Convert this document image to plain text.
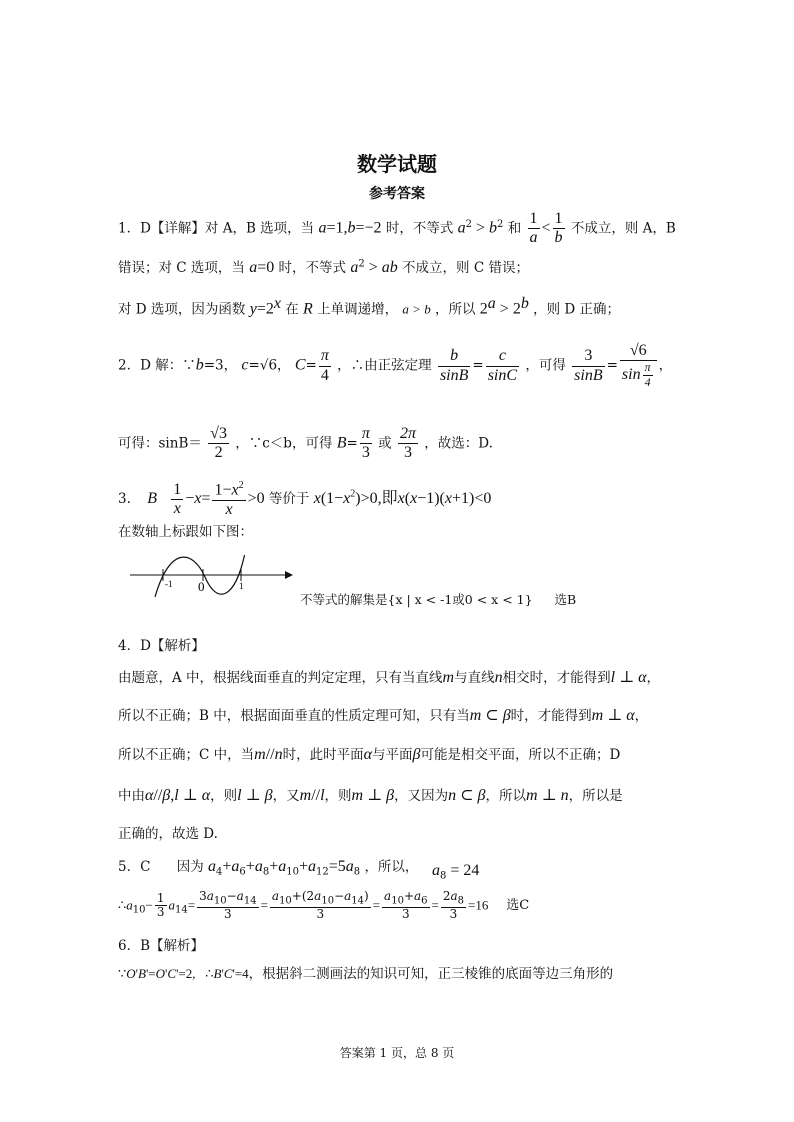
数学试题
参考答案
1．D【详解】对 A，B 选项，当 a=1,b=−2 时，不等式 $a^2 > b^2$ 和 $\frac{1}{a} < \frac{1}{b}$ 不成立，则 A，B
错误；对 C 选项，当 a=0 时，不等式 $a^2$ > ab 不成立，则 C 错误；
对 D 选项，因为函数 $y=2^x$ 在 R 上单调递增， a > b ，所以 $2^a > 2^b$ ，则 D 正确；
2．D 解：∵b=3， c=√6， $C= \frac{\pi}{4}$ ，∴由正弦定理 $\frac{b}{\sin B} = \frac{c}{\sin C}$ ，可得 $\frac{3}{\sin B} = \frac{√6}{\sin \frac{\pi}{4}}$ ，
可得：$\sin B= \frac{√3}{2}$ ，∵c＜b，可得 $B= \frac{\pi}{3}$ 或 $\frac{2\pi}{3}$ ，故选：D.
3. B $\frac{1}{x} -x= \frac{1-x^2}{x} >0$ 等价于 $x(1-x^2)>0$,即x(x−1)(x+1)<0
在数轴上标跟如下图：
-1 0	1
不等式的解集是{x | x < -1或0 < x < 1} 选B
4．D【解析】
由题意，A 中，根据线面垂直的判定定理，只有当直线m与直线n相交时，才能得到l ⊥ α，
所以不正确；B 中，根据面面垂直的性质定理可知，只有当m ⊂ β时，才能得到m ⊥ α，
所以不正确；C 中，当m//n时，此时平面α与平面β可能是相交平面，所以不正确；D
中由α//β,l ⊥ α，则l ⊥ β，又m//l，则m ⊥ β，又因为n ⊂ β，所以m ⊥ n，所以是
正确的，故选 D.
5．C 因为 $a_4+a_6+a_8+a_{10}+a_{12}=5a_8$ ，所以， $a_8 = 24$
$\therefore a_{10}- \frac{1}{3} a_{14}= \frac{3a_{10}-a_{14}}{3} = \frac{a_{10}+(2a_{10}-a_{14})}{3} = \frac{a_{10}+a_6}{3} = \frac{2a_8}{3} =16$ 选C
6．B【解析】
∵O'B'=O'C'=2,   ∴B'C'=4，根据斜二测画法的知识可知，正三棱锥的底面等边三角形的
答案第 1 页，总 8 页
